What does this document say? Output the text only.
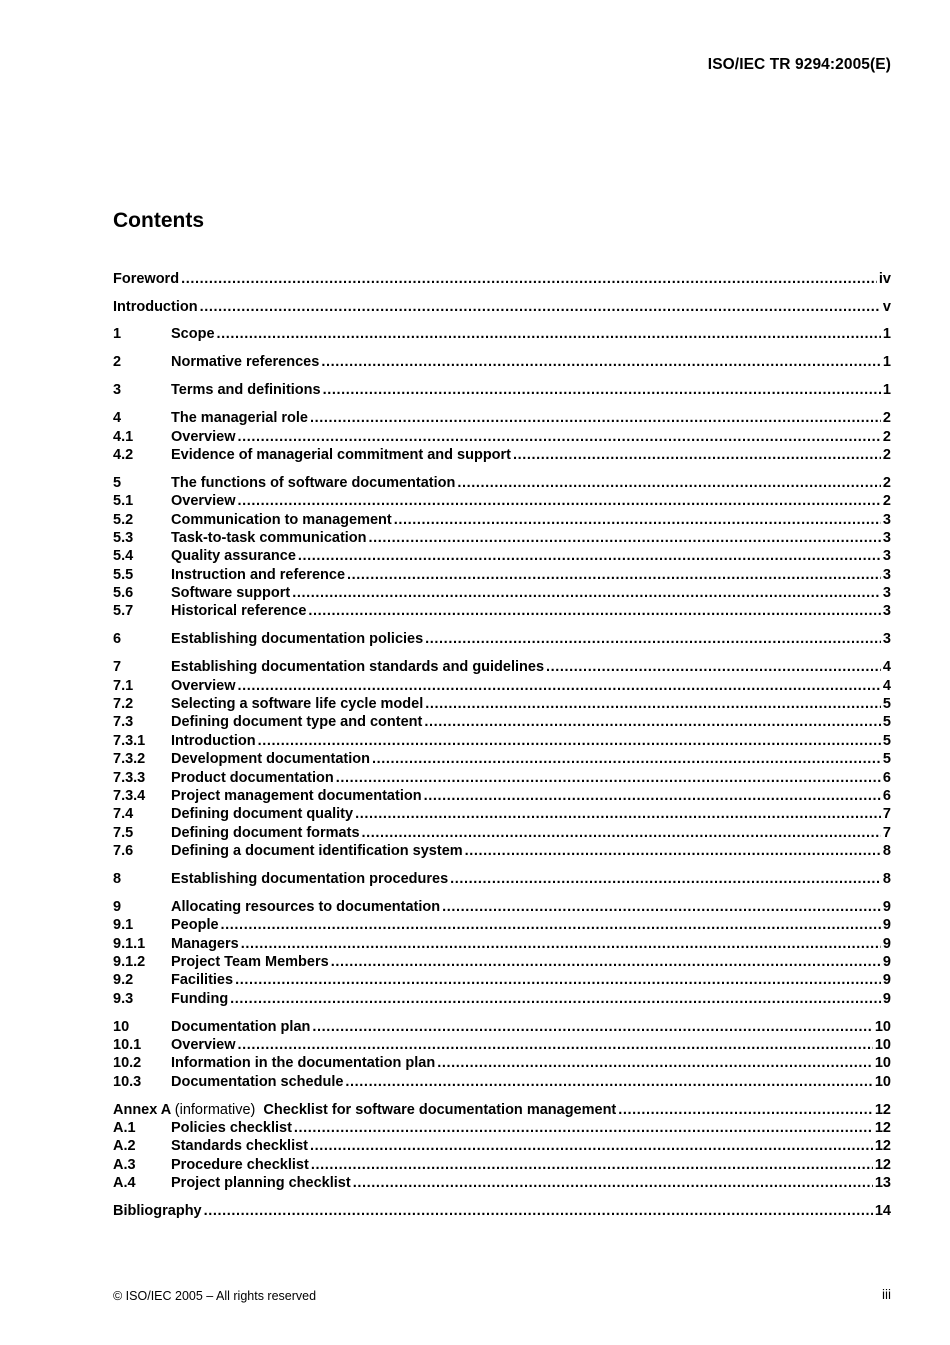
ISO/IEC TR 9294:2005(E)
Contents
Foreword .....	iv
Introduction .....	v
1	Scope .....	1
2	Normative references .....	1
3	Terms and definitions .....	1
4	The managerial role .....	2
4.1	Overview .....	2
4.2	Evidence of managerial commitment and support .....	2
5	The functions of software documentation .....	2
5.1	Overview .....	2
5.2	Communication to management .....	3
5.3	Task-to-task communication .....	3
5.4	Quality assurance .....	3
5.5	Instruction and reference .....	3
5.6	Software support .....	3
5.7	Historical reference .....	3
6	Establishing documentation policies .....	3
7	Establishing documentation standards and guidelines .....	4
7.1	Overview .....	4
7.2	Selecting a software life cycle model .....	5
7.3	Defining document type and content .....	5
7.3.1	Introduction .....	5
7.3.2	Development documentation .....	5
7.3.3	Product documentation .....	6
7.3.4	Project management documentation .....	6
7.4	Defining document quality .....	7
7.5	Defining document formats .....	7
7.6	Defining a document identification system .....	8
8	Establishing documentation procedures .....	8
9	Allocating resources to documentation .....	9
9.1	People .....	9
9.1.1	Managers .....	9
9.1.2	Project Team Members .....	9
9.2	Facilities .....	9
9.3	Funding .....	9
10	Documentation plan .....	10
10.1	Overview .....	10
10.2	Information in the documentation plan .....	10
10.3	Documentation schedule .....	10
Annex A (informative) Checklist for software documentation management .....	12
A.1	Policies checklist .....	12
A.2	Standards checklist .....	12
A.3	Procedure checklist .....	12
A.4	Project planning checklist .....	13
Bibliography .....	14
© ISO/IEC 2005 – All rights reserved	iii
